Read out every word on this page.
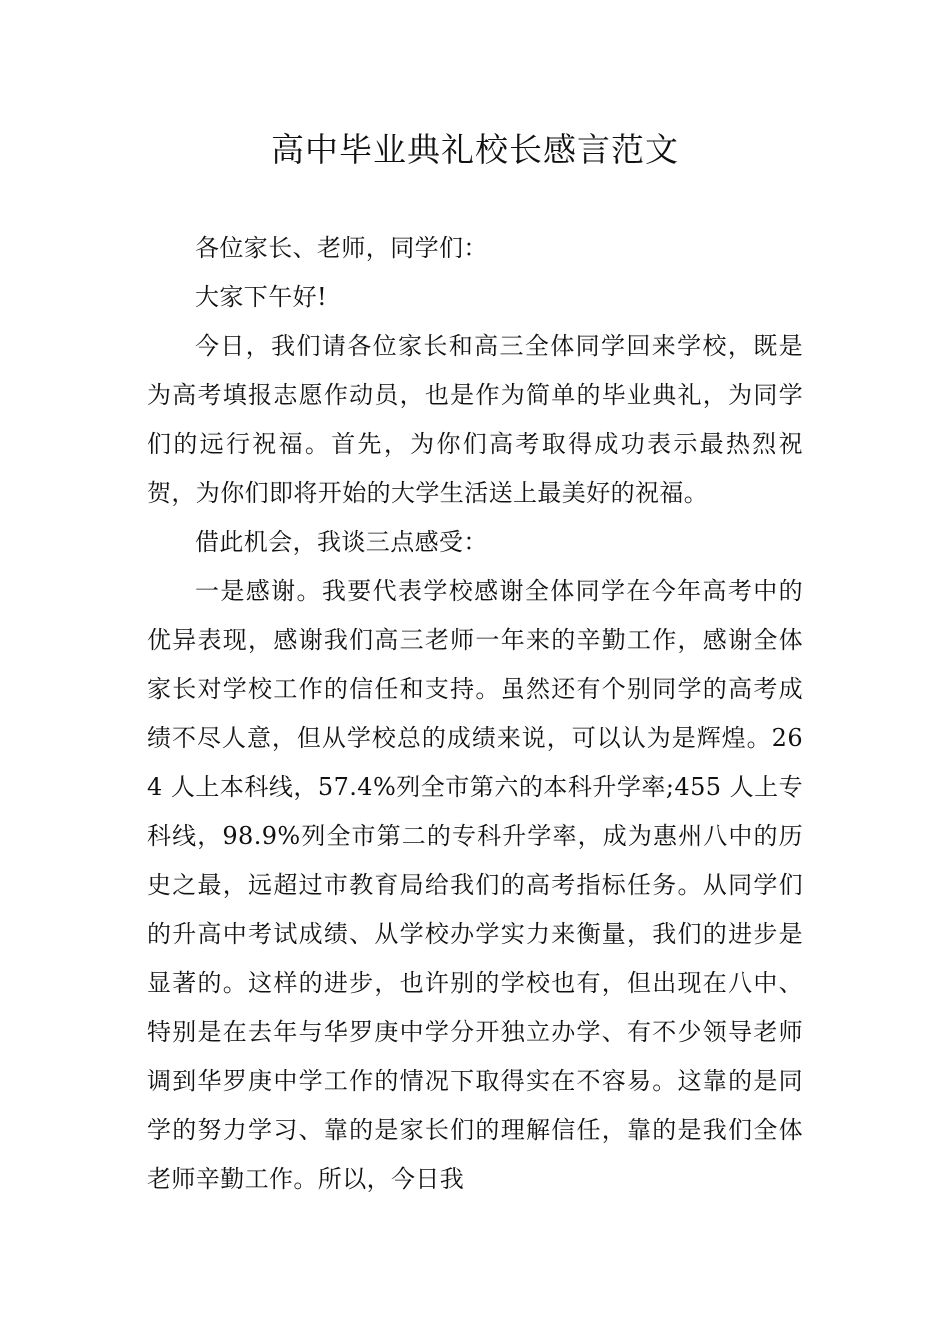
高中毕业典礼校长感言范文

各位家长、老师，同学们：

大家下午好!

今日，我们请各位家长和高三全体同学回来学校，既是为高考填报志愿作动员，也是作为简单的毕业典礼，为同学们的远行祝福。首先，为你们高考取得成功表示最热烈祝贺，为你们即将开始的大学生活送上最美好的祝福。

借此机会，我谈三点感受：

一是感谢。我要代表学校感谢全体同学在今年高考中的优异表现，感谢我们高三老师一年来的辛勤工作，感谢全体家长对学校工作的信任和支持。虽然还有个别同学的高考成绩不尽人意，但从学校总的成绩来说，可以认为是辉煌。264 人上本科线，57.4%列全市第六的本科升学率;455 人上专科线，98.9%列全市第二的专科升学率，成为惠州八中的历史之最，远超过市教育局给我们的高考指标任务。从同学们的升高中考试成绩、从学校办学实力来衡量，我们的进步是显著的。这样的进步，也许别的学校也有，但出现在八中、特别是在去年与华罗庚中学分开独立办学、有不少领导老师调到华罗庚中学工作的情况下取得实在不容易。这靠的是同学的努力学习、靠的是家长们的理解信任，靠的是我们全体老师辛勤工作。所以，今日我
